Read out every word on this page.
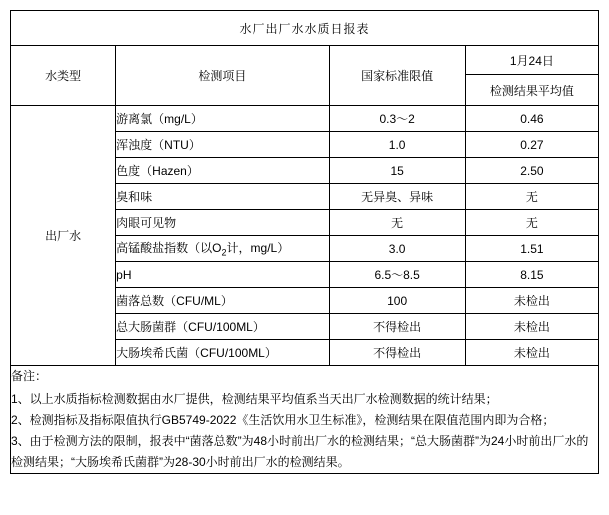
水厂出厂水水质日报表			
水类型	检测项目	国家标准限值	1月24日
			检测结果平均值
出厂水	游离氯（mg/L）	0.3～2	0.46
	浑浊度（NTU）	1.0	0.27
	色度（Hazen）	15	2.50
	臭和味	无异臭、异味	无
	肉眼可见物	无	无
	高锰酸盐指数（以$O_2$计，mg/L）	3.0	1.51
	pH	6.5～8.5	8.15
	菌落总数（CFU/ML）	100	未检出
	总大肠菌群（CFU/100ML）	不得检出	未检出
	大肠埃希氏菌（CFU/100ML）	不得检出	未检出

备注：
1、以上水质指标检测数据由水厂提供，检测结果平均值系当天出厂水检测数据的统计结果；
2、检测指标及指标限值执行GB5749-2022《生活饮用水卫生标准》，检测结果在限值范围内即为合格；
3、由于检测方法的限制，报表中“菌落总数”为48小时前出厂水的检测结果；“总大肠菌群”为24小时前出厂水的检测结果；“大肠埃希氏菌群”为28-30小时前出厂水的检测结果。			
